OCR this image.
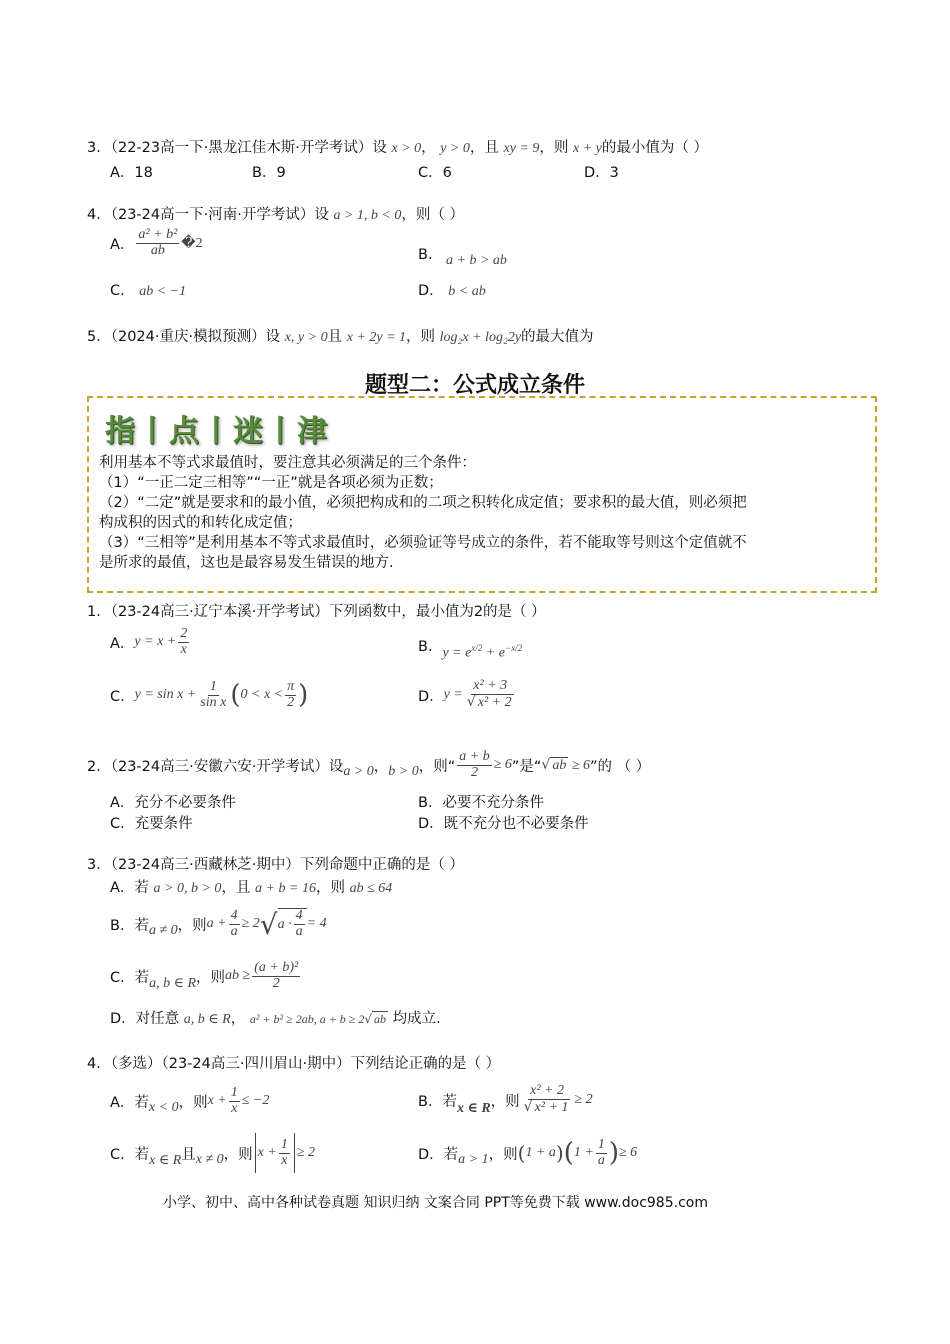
3．（22-23高一下·黑龙江佳木斯·开学考试）设 x > 0， y > 0，且 xy = 9，则 x + y的最小值为（ ）
A．18	B．9	C．6	D．3
4．（23-24高一下·河南·开学考试）设 a > 1, b < 0，则（ ）
A． $\frac{\text{a² + b²}}{ab}$ �2
B． a + b > ab
C． ab < −1	D． b < ab
5．（2024·重庆·模拟预测）设 x, y > 0且 x + 2y = 1，则 log₂x + log₂2y的最大值为
题型二：公式成立条件
指丨点丨迷丨津
利用基本不等式求最值时，要注意其必须满足的三个条件：
（1）“一正二定三相等”“一正”就是各项必须为正数；
（2）“二定”就是要求和的最小值，必须把构成和的二项之积转化成定值；要求积的最大值，则必须把
构成积的因式的和转化成定值；
（3）“三相等”是利用基本不等式求最值时，必须验证等号成立的条件，若不能取等号则这个定值就不
是所求的最值，这也是最容易发生错误的地方.
1．（23-24高三·辽宁本溪·开学考试）下列函数中，最小值为2的是（ ）
A． $y = x + \frac{2}{x}$	B． $y = e^{x/2} + e^{-x/2}$
C． $y = \sin x + \frac{1}{\text{sin x}}$ ( $0 < x < \frac{\pi}{2}$ )	D． $y = \frac{\text{x² + 3}}{\text{√ x² + 2}}$
2．（23-24高三·安徽六安·开学考试）设 a > 0 ， b > 0 ，则“ $\frac{a + b}{2} \ge 6$ ”是“ √ ab ≥ 6 ”的 （ ）
A．充分不必要条件	B．必要不充分条件
C．充要条件	D．既不充分也不必要条件
3．（23-24高三·西藏林芝·期中）下列命题中正确的是（ ）
A．若 a > 0, b > 0，且 a + b = 16，则 ab ≤ 64
B． 若 a ≠ 0 ，则 $a + \frac{4}{a} \ge 2$ √ $a \cdot \frac{4}{a} = 4$
C． 若 a, b ∈ R ，则 ab ≥ $\frac{\text{(a + b)²}}{2}$
D．对任意 a, b ∈ R， a² + b² ≥ 2ab, a + b ≥ 2√ ab 均成立.
4．（多选）（23-24高三·四川眉山·期中）下列结论正确的是（ ）
A． 若 x < 0 ，则 $x + \frac{1}{x} \le -2$	B． 若 x ∈ R ，则 $\frac{\text{x² + 2}}{\text{√ x² + 1}} \ge 2$
C． 若 x ∈ R 且 x ≠ 0 ，则 $x + \frac{1}{x} \ge 2$	D． 若 a > 1 ，则 ( 1 + a ) ( $1 + \frac{1}{a}$ ) ≥ 6
小学、初中、高中各种试卷真题 知识归纳 文案合同 PPT等免费下载 www.doc985.com
